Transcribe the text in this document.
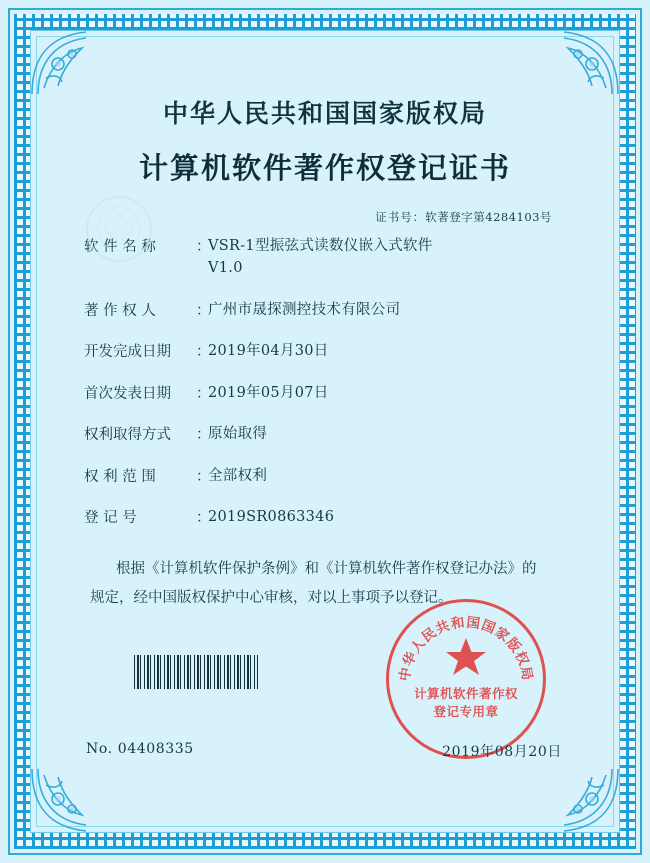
中华人民共和国国家版权局
计算机软件著作权登记证书
证书号：软著登字第4284103号
软 件 名 称	：
VSR-1型振弦式读数仪嵌入式软件
V1.0
著 作 权 人	：
广州市晟探测控技术有限公司
开发完成日期	：
2019年04月30日
首次发表日期	：
2019年05月07日
权利取得方式	：
原始取得
权 利 范 围	：
全部权利
登 记 号	：
2019SR0863346
根据《计算机软件保护条例》和《计算机软件著作权登记办法》的
规定，经中国版权保护中心审核，对以上事项予以登记。
中华人民共和国国家版权局
计算机软件著作权
登记专用章
No. 04408335	2019年08月20日
